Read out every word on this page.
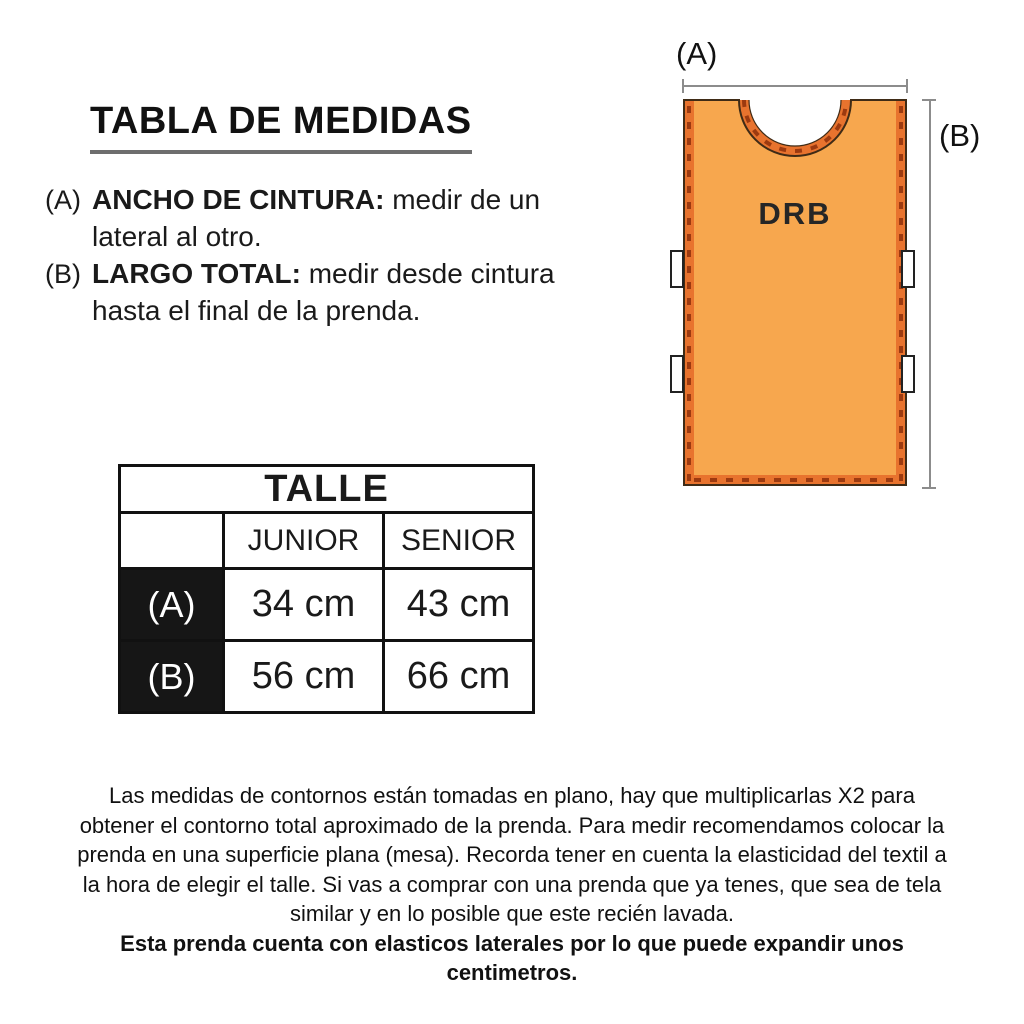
TABLA DE MEDIDAS
(A) ANCHO DE CINTURA: medir de un lateral al otro.
(B) LARGO TOTAL: medir desde cintura hasta el final de la prenda.
DRB
(A)
(B)
TALLE		
	JUNIOR	SENIOR
(A)	34 cm	43 cm
(B)	56 cm	66 cm

Las medidas de contornos están tomadas en plano, hay que multiplicarlas X2 para obtener el contorno total aproximado de la prenda. Para medir recomendamos colocar la prenda en una superficie plana (mesa). Recorda tener en cuenta la elasticidad del textil a la hora de elegir el talle. Si vas a comprar con una prenda que ya tenes, que sea de tela similar y en lo posible que este recién lavada.

Esta prenda cuenta con elasticos laterales por lo que puede expandir unos centimetros.
